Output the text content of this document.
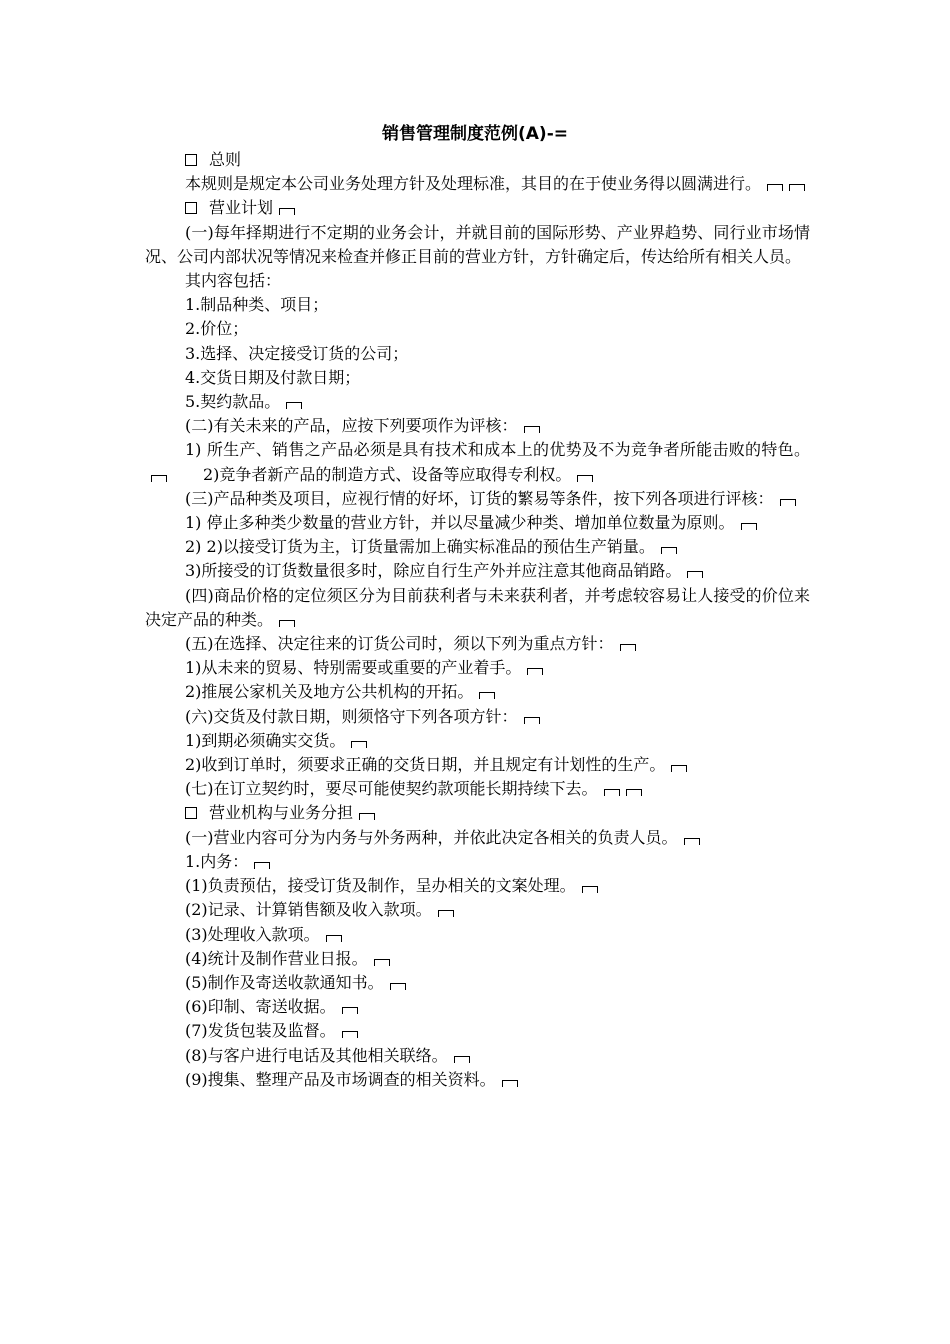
销售管理制度范例(A)-=

总则

本规则是规定本公司业务处理方针及处理标准，其目的在于使业务得以圆满进行。

营业计划

(一)每年择期进行不定期的业务会计，并就目前的国际形势、产业界趋势、同行业市场情况、公司内部状况等情况来检查并修正目前的营业方针，方针确定后，传达给所有相关人员。

其内容包括：

1.制品种类、项目；

2.价位；

3.选择、决定接受订货的公司；

4.交货日期及付款日期；

5.契约款品。

(二)有关未来的产品，应按下列要项作为评核：

1) 所生产、销售之产品必须是具有技术和成本上的优势及不为竞争者所能击败的特色。2)竞争者新产品的制造方式、设备等应取得专利权。

(三)产品种类及项目，应视行情的好坏，订货的繁易等条件，按下列各项进行评核：

1) 停止多种类少数量的营业方针，并以尽量减少种类、增加单位数量为原则。

2) 2)以接受订货为主，订货量需加上确实标准品的预估生产销量。

3)所接受的订货数量很多时，除应自行生产外并应注意其他商品销路。

(四)商品价格的定位须区分为目前获利者与未来获利者，并考虑较容易让人接受的价位来决定产品的种类。

(五)在选择、决定往来的订货公司时，须以下列为重点方针：

1)从未来的贸易、特别需要或重要的产业着手。

2)推展公家机关及地方公共机构的开拓。

(六)交货及付款日期，则须恪守下列各项方针：

1)到期必须确实交货。

2)收到订单时，须要求正确的交货日期，并且规定有计划性的生产。

(七)在订立契约时，要尽可能使契约款项能长期持续下去。

营业机构与业务分担

(一)营业内容可分为内务与外务两种，并依此决定各相关的负责人员。

1.内务：

(1)负责预估，接受订货及制作，呈办相关的文案处理。

(2)记录、计算销售额及收入款项。

(3)处理收入款项。

(4)统计及制作营业日报。

(5)制作及寄送收款通知书。

(6)印制、寄送收据。

(7)发货包装及监督。

(8)与客户进行电话及其他相关联络。

(9)搜集、整理产品及市场调查的相关资料。
